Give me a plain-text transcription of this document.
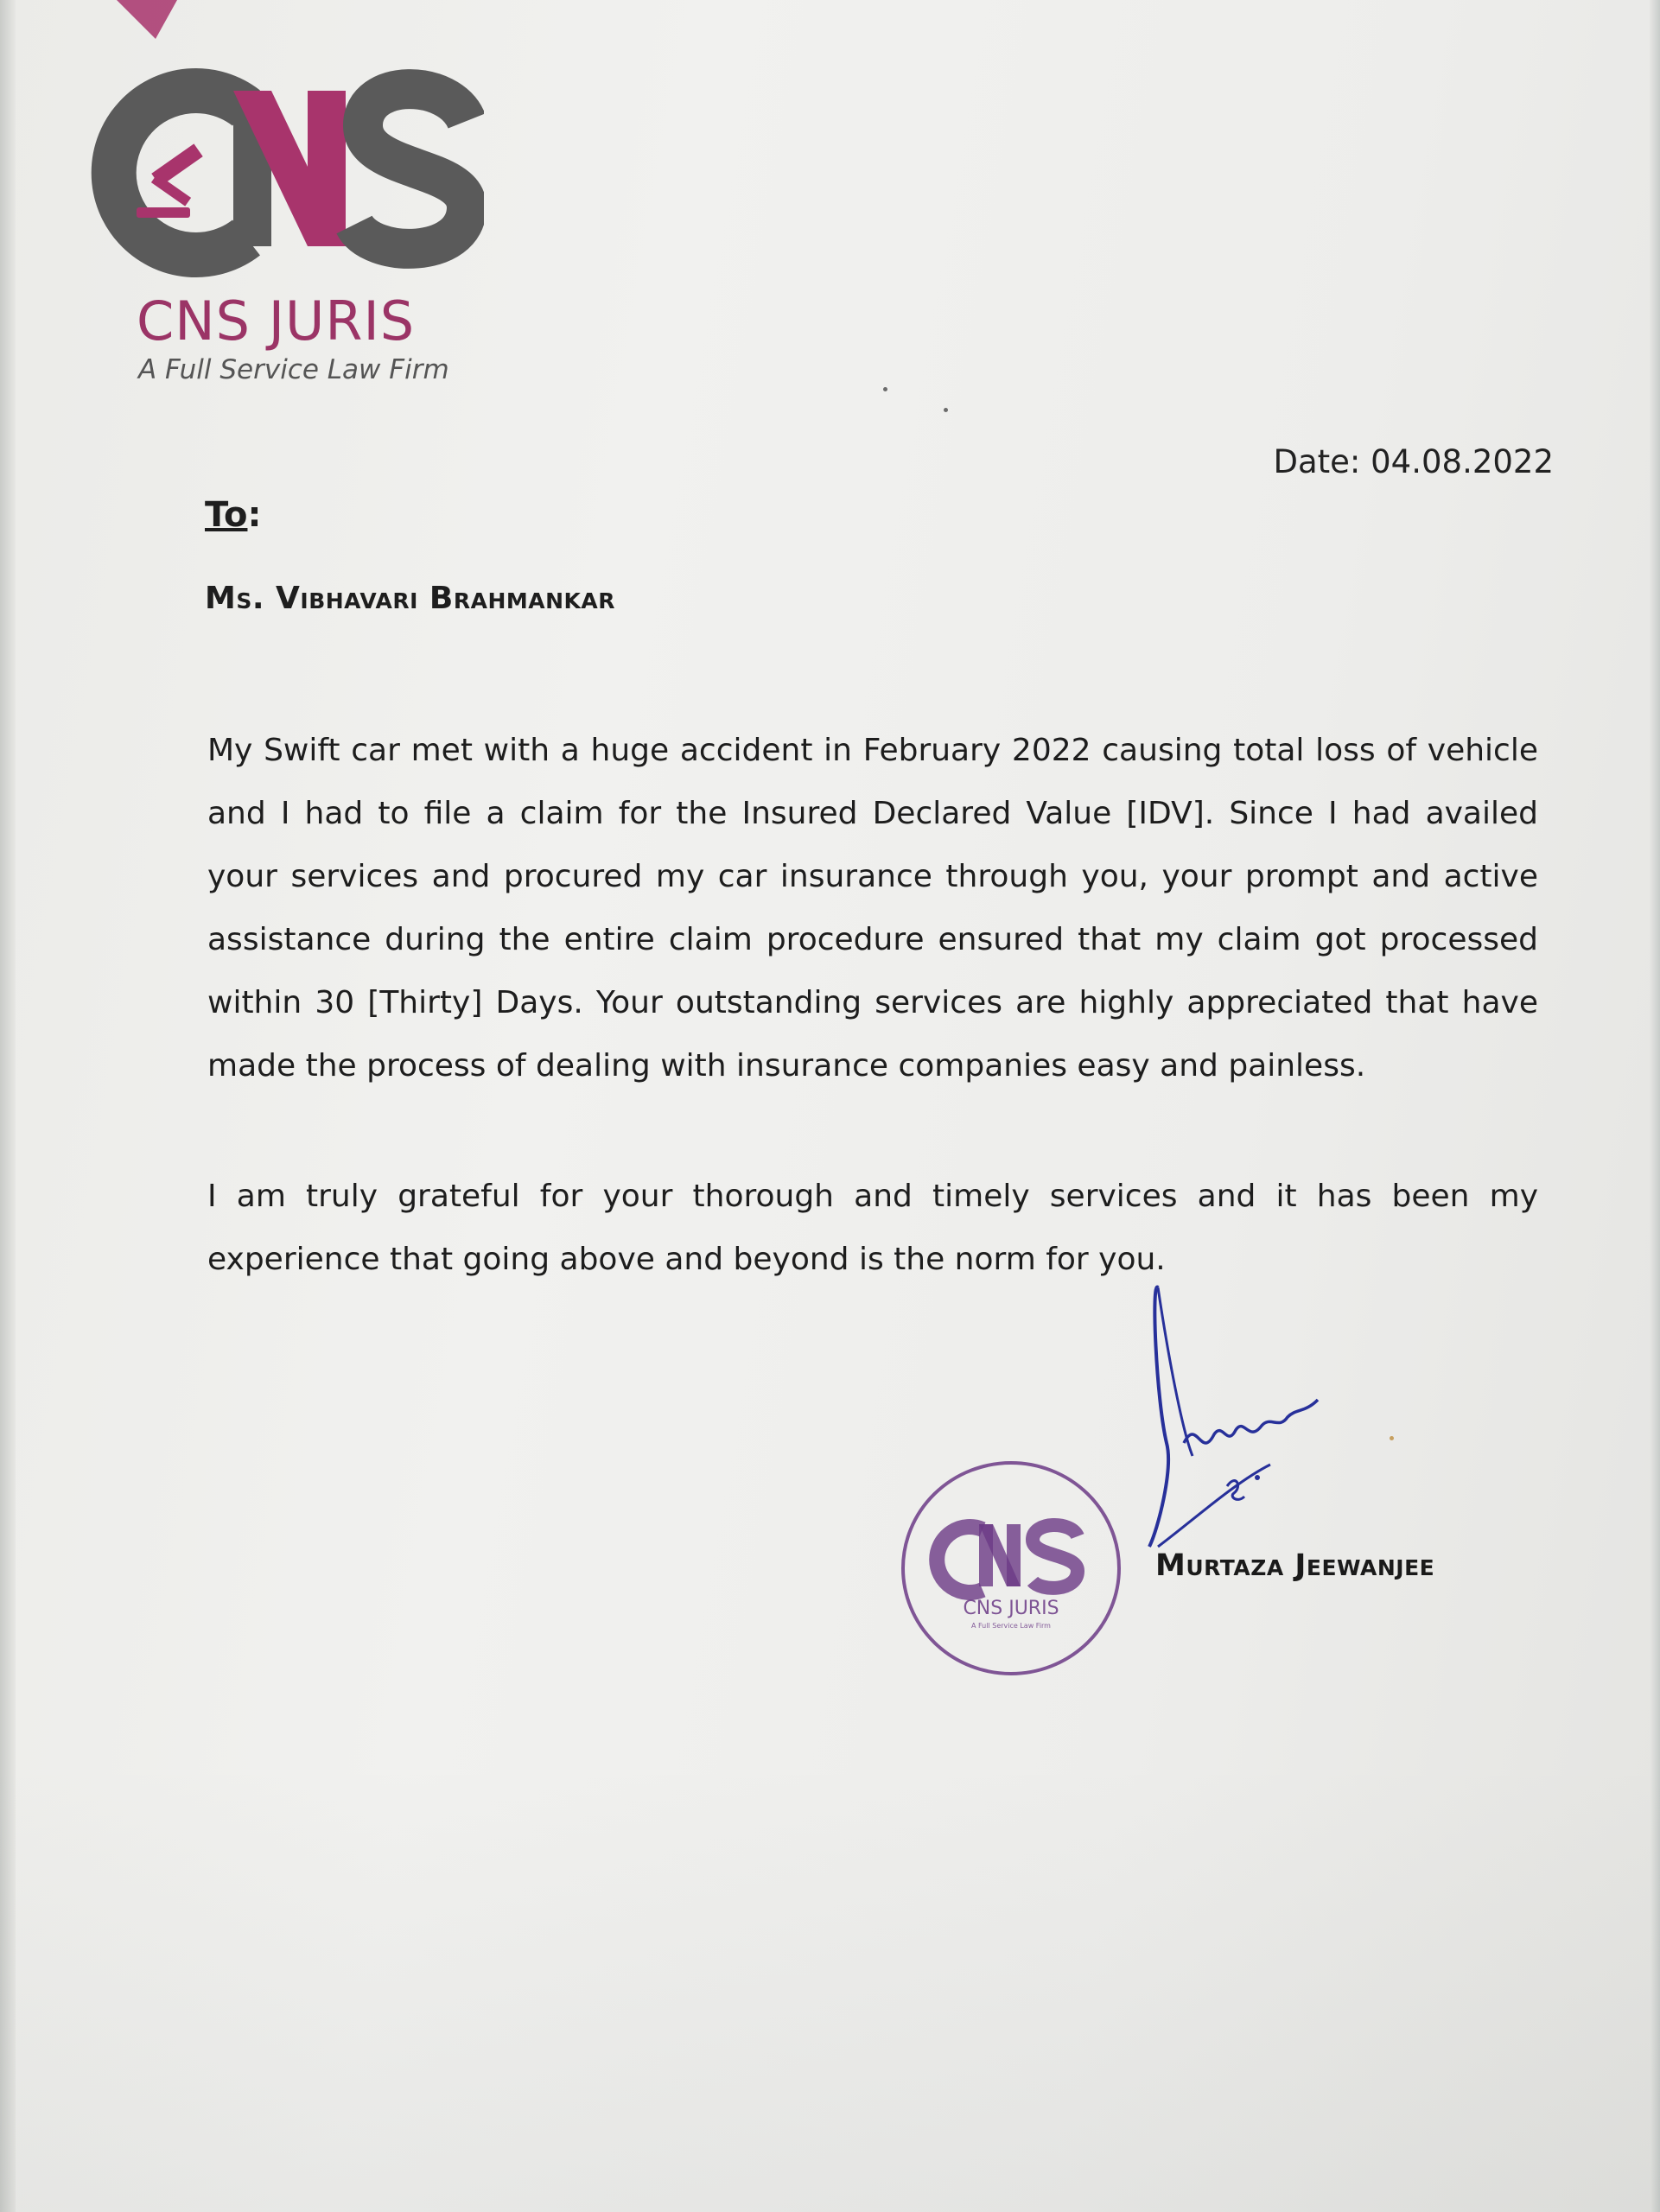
CNS JURIS
A Full Service Law Firm
Date: 04.08.2022
To:
Ms. Vibhavari Brahmankar
My Swift car met with a huge accident in February 2022 causing total loss of vehicle and I had to file a claim for the Insured Declared Value [IDV]. Since I had availed your services and procured my car insurance through you, your prompt and active assistance during the entire claim procedure ensured that my claim got processed within 30 [Thirty] Days. Your outstanding services are highly appreciated that have made the process of dealing with insurance companies easy and painless.
I am truly grateful for your thorough and timely services and it has been my experience that going above and beyond is the norm for you.
CNS JURIS
A Full Service Law Firm
Murtaza Jeewanjee
